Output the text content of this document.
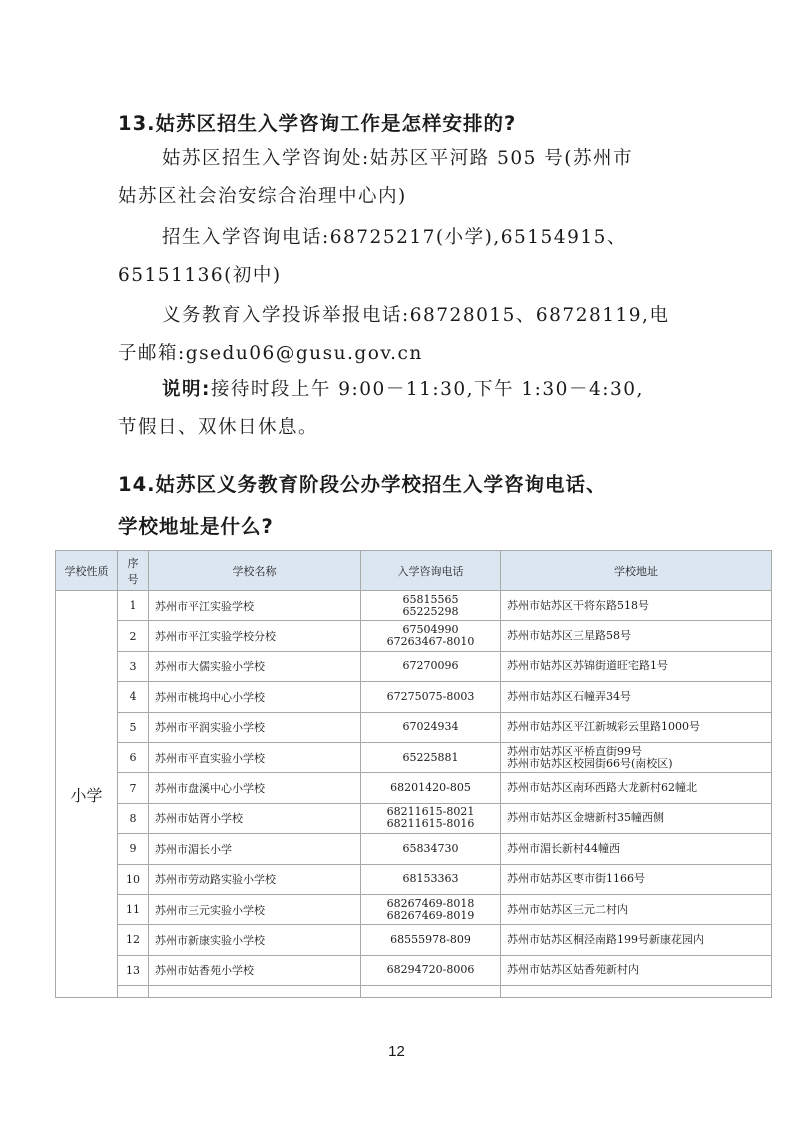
13.姑苏区招生入学咨询工作是怎样安排的?
姑苏区招生入学咨询处:姑苏区平河路 505 号(苏州市
姑苏区社会治安综合治理中心内)
招生入学咨询电话:68725217(小学),65154915、
65151136(初中)
义务教育入学投诉举报电话:68728015、68728119,电
子邮箱:gsedu06@gusu.gov.cn
说明:接待时段上午 9:00－11:30,下午 1:30－4:30,
节假日、双休日休息。
14.姑苏区义务教育阶段公办学校招生入学咨询电话、
学校地址是什么?
学校性质	序号	学校名称	入学咨询电话	学校地址
小学	1	苏州市平江实验学校	65815565
65225298	苏州市姑苏区干将东路518号

	2	苏州市平江实验学校分校	67504990
67263467-8010	苏州市姑苏区三星路58号

	3	苏州市大儒实验小学校	67270096	苏州市姑苏区苏锦街道旺宅路1号

	4	苏州市桃坞中心小学校	67275075-8003	苏州市姑苏区石幢弄34号

	5	苏州市平润实验小学校	67024934	苏州市姑苏区平江新城彩云里路1000号

	6	苏州市平直实验小学校	65225881	苏州市姑苏区平桥直街99号
苏州市姑苏区校园街66号(南校区)

	7	苏州市盘溪中心小学校	68201420-805	苏州市姑苏区南环西路大龙新村62幢北

	8	苏州市姑胥小学校	68211615-8021
68211615-8016	苏州市姑苏区金塘新村35幢西侧

	9	苏州市湄长小学	65834730	苏州市湄长新村44幢西

	10	苏州市劳动路实验小学校	68153363	苏州市姑苏区枣市街1166号

	11	苏州市三元实验小学校	68267469-8018
68267469-8019	苏州市姑苏区三元二村内

	12	苏州市新康实验小学校	68555978-809	苏州市姑苏区桐泾南路199号新康花园内

	13	苏州市姑香苑小学校	68294720-8006	苏州市姑苏区姑香苑新村内

12
